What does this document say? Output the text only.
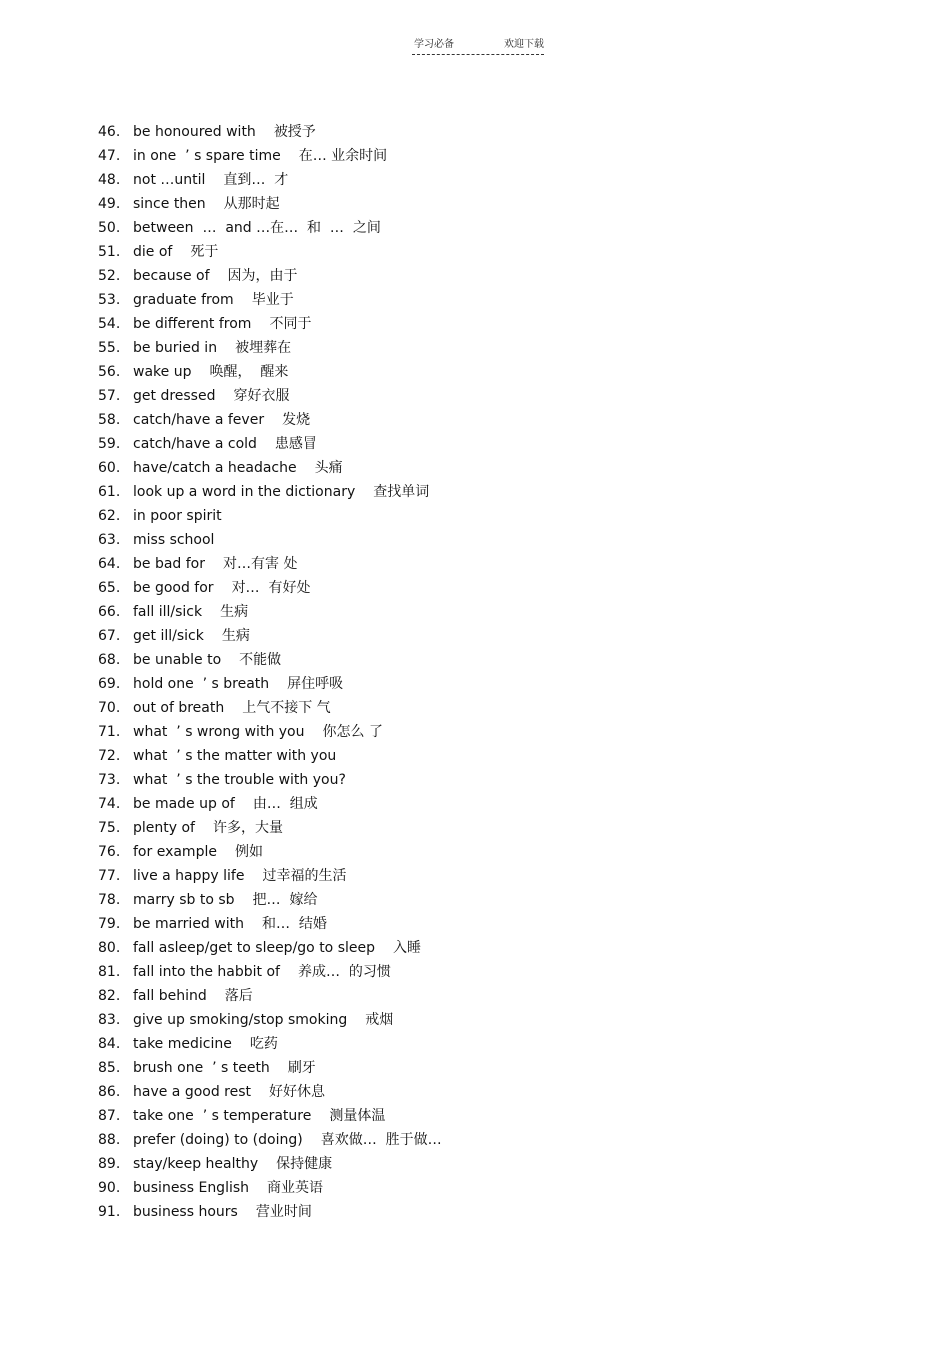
学习必备	欢迎下载
46. be honoured with 被授予
47. in one  ’ s spare time 在… 业余时间
48. not …until 直到…  才
49. since then 从那时起
50. between  …  and …在…  和  …  之间
51. die of 死于
52. because of 因为，由于
53. graduate from 毕业于
54. be different from 不同于
55. be buried in 被埋葬在
56. wake up 唤醒，  醒来
57. get dressed 穿好衣服
58. catch/have a fever 发烧
59. catch/have a cold 患感冒
60. have/catch a headache 头痛
61. look up a word in the dictionary 查找单词
62. in poor spirit
63. miss school
64. be bad for 对…有害 处
65. be good for 对…  有好处
66. fall ill/sick 生病
67. get ill/sick 生病
68. be unable to 不能做
69. hold one  ’ s breath 屏住呼吸
70. out of breath 上气不接下 气
71. what  ’ s wrong with you 你怎么 了
72. what  ’ s the matter with you
73. what  ’ s the trouble with you?
74. be made up of 由…  组成
75. plenty of 许多，大量
76. for example 例如
77. live a happy life 过幸福的生活
78. marry sb to sb 把…  嫁给
79. be married with 和…  结婚
80. fall asleep/get to sleep/go to sleep 入睡
81. fall into the habbit of 养成…  的习惯
82. fall behind 落后
83. give up smoking/stop smoking 戒烟
84. take medicine 吃药
85. brush one  ’ s teeth 刷牙
86. have a good rest 好好休息
87. take one  ’ s temperature 测量体温
88. prefer (doing) to (doing) 喜欢做…  胜于做…
89. stay/keep healthy 保持健康
90. business English 商业英语
91. business hours 营业时间
